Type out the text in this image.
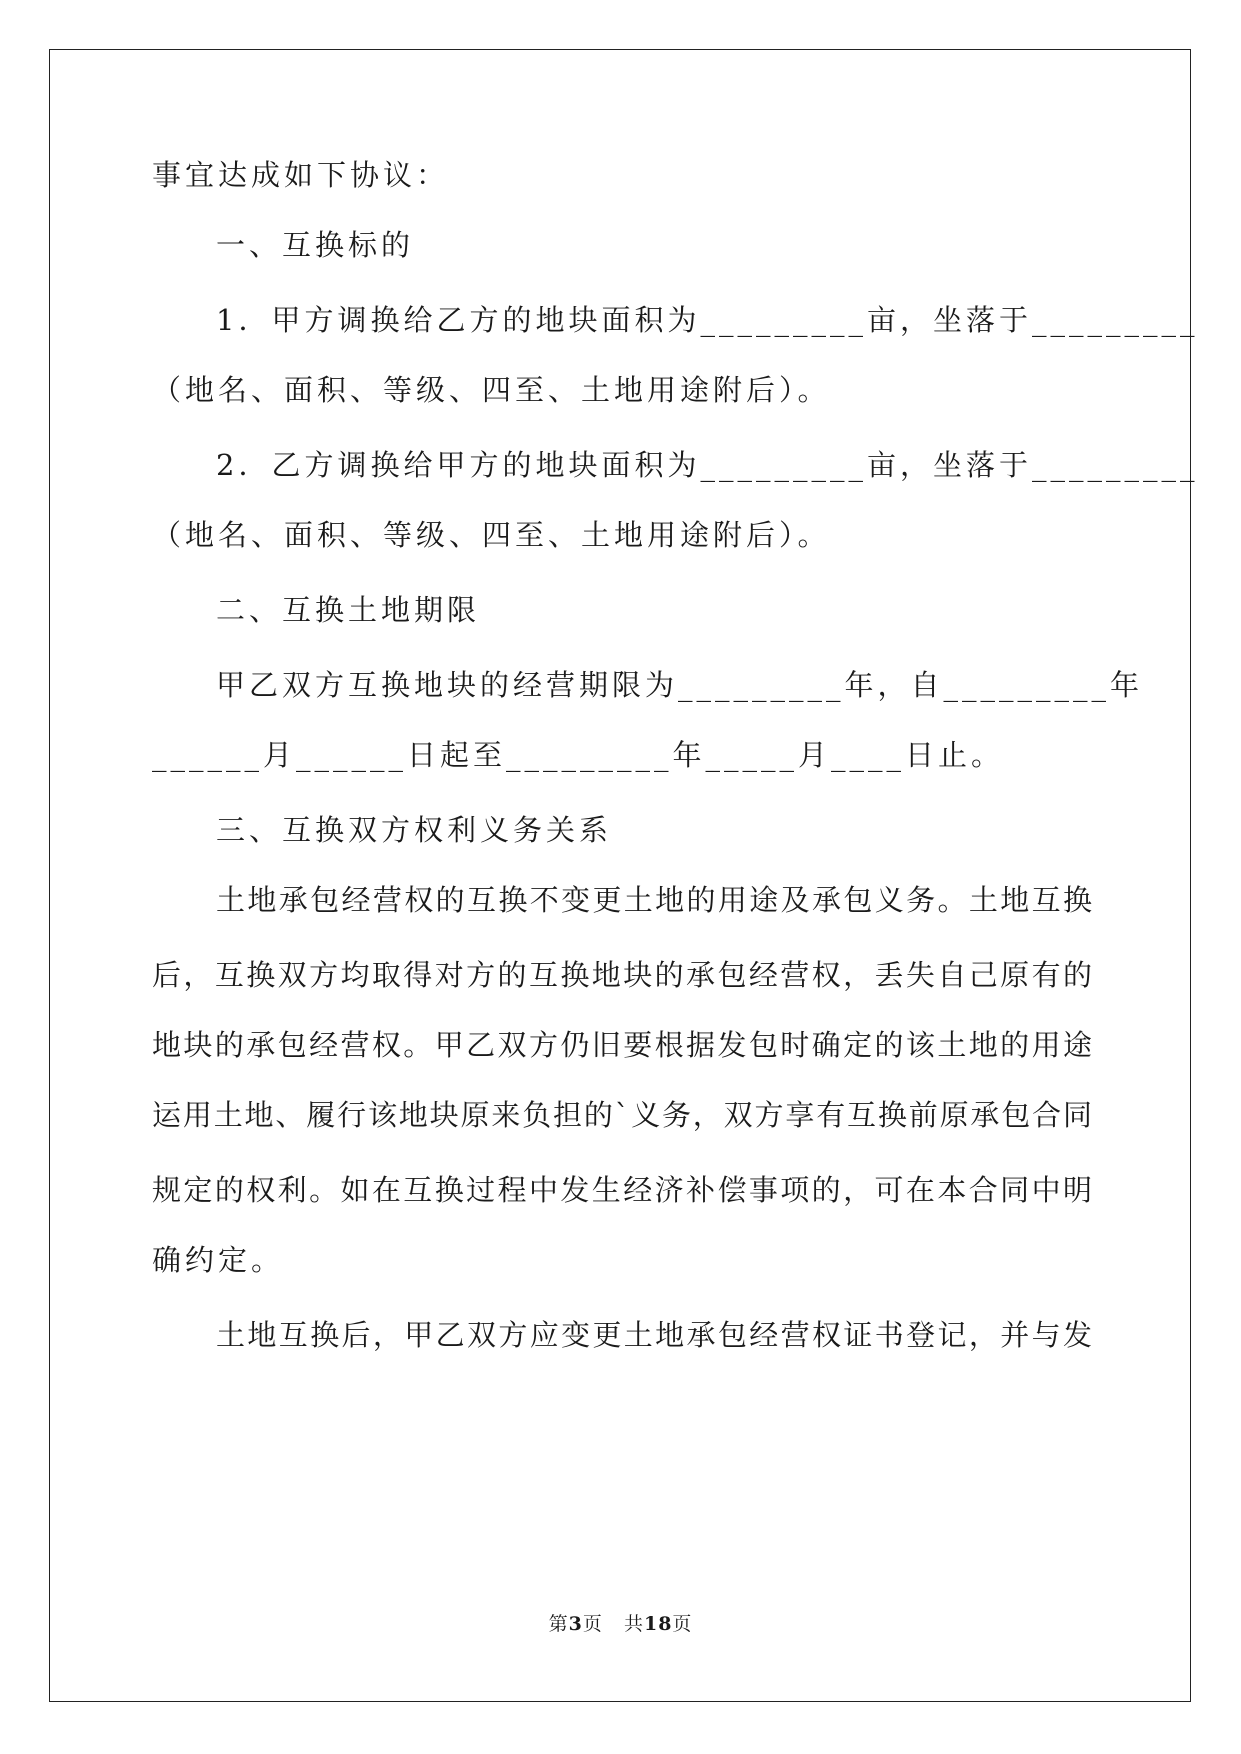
事宜达成如下协议：
一、互换标的
1．甲方调换给乙方的地块面积为_________亩，坐落于_________
（地名、面积、等级、四至、土地用途附后）。
2．乙方调换给甲方的地块面积为_________亩，坐落于_________
（地名、面积、等级、四至、土地用途附后）。
二、互换土地期限
甲乙双方互换地块的经营期限为_________年，自_________年
______月______日起至_________年_____月____日止。
三、互换双方权利义务关系
土地承包经营权的互换不变更土地的用途及承包义务。土地互换
后，互换双方均取得对方的互换地块的承包经营权，丢失自己原有的
地块的承包经营权。甲乙双方仍旧要根据发包时确定的该土地的用途
运用土地、履行该地块原来负担的`义务，双方享有互换前原承包合同
规定的权利。如在互换过程中发生经济补偿事项的，可在本合同中明
确约定。
土地互换后，甲乙双方应变更土地承包经营权证书登记，并与发
第3页 共18页
